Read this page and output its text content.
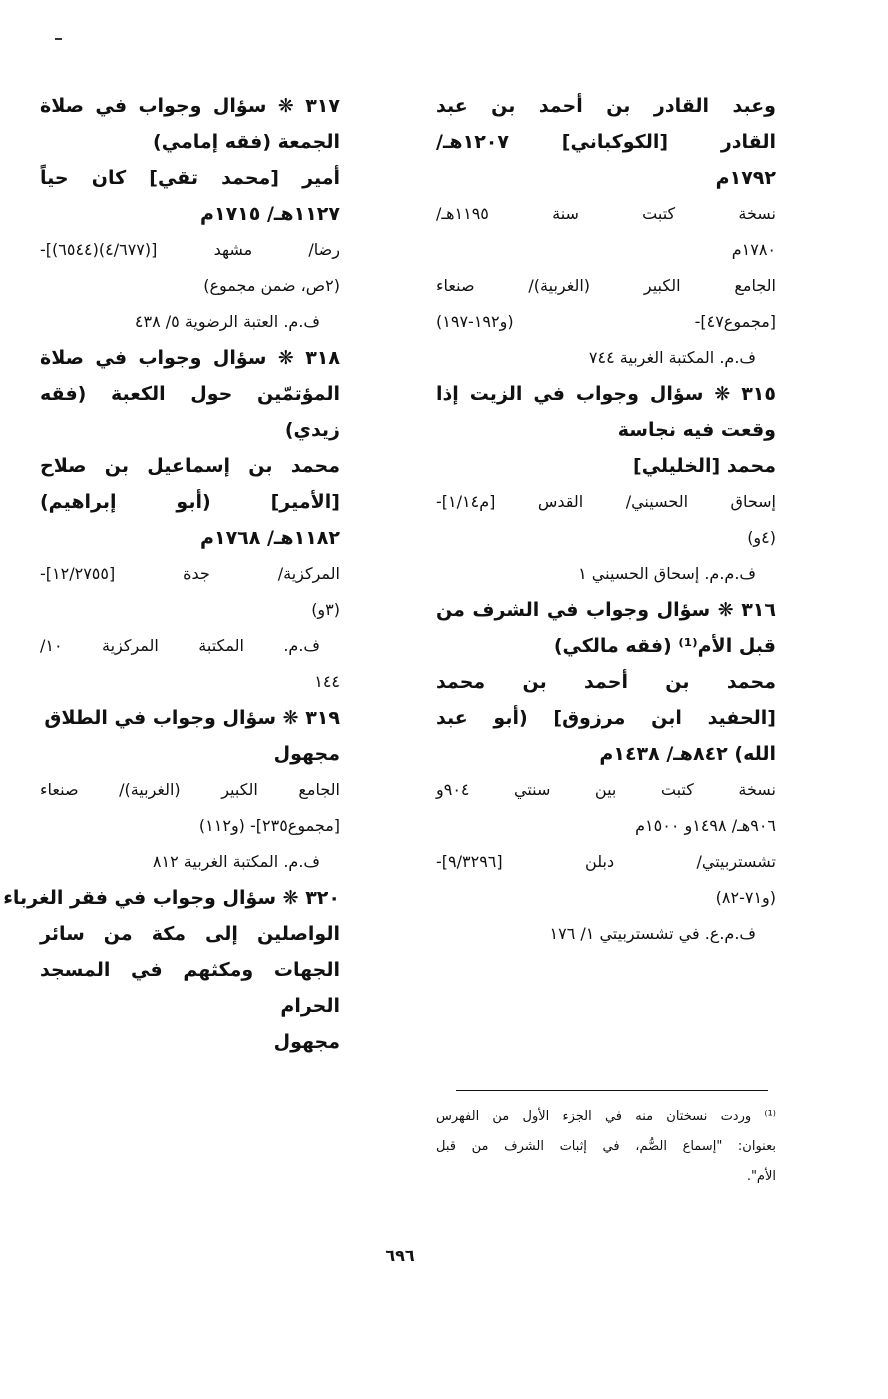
وعبد القادر بن أحمد بن عبد
القادر [الكوكباني] ١٢٠٧هـ/
١٧٩٢م
نسخة كتبت سنة ١١٩٥هـ/
١٧٨٠م
الجامع الكبير (الغربية)/ صنعاء
[مجموع٤٧]- (و١٩٢-١٩٧)
ف.م. المكتبة الغربية ٧٤٤
٣١٥ ❋ سؤال وجواب في الزيت إذا
وقعت فيه نجاسة
محمد [الخليلي]
إسحاق الحسيني/ القدس [م١/١٤]-
(٤و)
ف.م.م. إسحاق الحسيني ١
٣١٦ ❋ سؤال وجواب في الشرف من
قبل الأم⁽¹⁾ (فقه مالكي)
محمد بن أحمد بن محمد
[الحفيد ابن مرزوق] (أبو عبد
الله) ٨٤٢هـ/ ١٤٣٨م
نسخة كتبت بين سنتي ٩٠٤و
٩٠٦هـ/ ١٤٩٨و ١٥٠٠م
تشستربيتي/ دبلن [٩/٣٢٩٦]-
(و٧١-٨٢)
ف.م.ع. في تشستربيتي ١/ ١٧٦
٣١٧ ❋ سؤال وجواب في صلاة
الجمعة (فقه إمامي)
أمير [محمد تقي] كان حياً
١١٢٧هـ/ ١٧١٥م
رضا/ مشهد [(٤/٦٧٧)(٦٥٤٤)]-
(٢ص، ضمن مجموع)
ف.م. العتبة الرضوية ٥/ ٤٣٨
٣١٨ ❋ سؤال وجواب في صلاة
المؤتمّين حول الكعبة (فقه
زيدي)
محمد بن إسماعيل بن صلاح
[الأمير] (أبو إبراهيم)
١١٨٢هـ/ ١٧٦٨م
المركزية/ جدة [١٢/٢٧٥٥]-
(٣و)
ف.م. المكتبة المركزية ١٠/
١٤٤
٣١٩ ❋ سؤال وجواب في الطلاق
مجهول
الجامع الكبير (الغربية)/ صنعاء
[مجموع٢٣٥]- (و١١٢)
ف.م. المكتبة الغربية ٨١٢
٣٢٠ ❋ سؤال وجواب في فقر الغرباء
الواصلين إلى مكة من سائر
الجهات ومكثهم في المسجد
الحرام
مجهول
⁽¹⁾ وردت نسختان منه في الجزء الأول من الفهرس
بعنوان: "إسماع الصُّم، في إثبات الشرف من قبل
الأم".
٦٩٦
